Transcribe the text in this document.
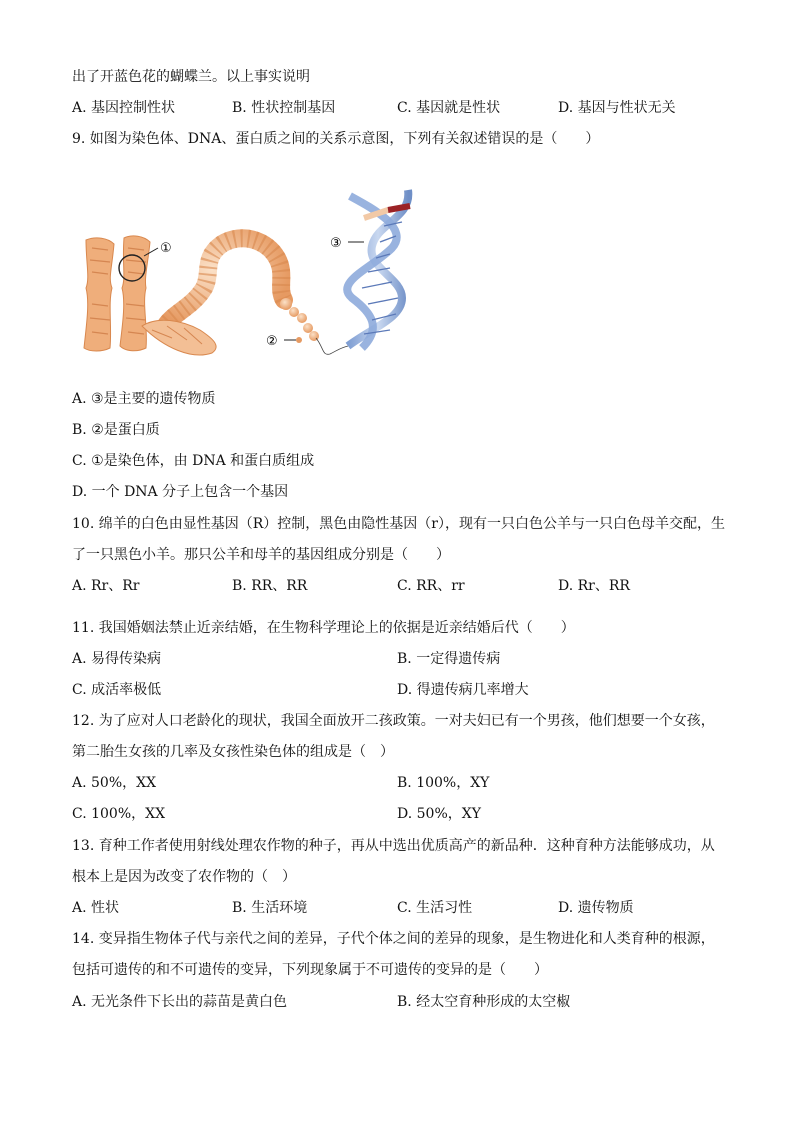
出了开蓝色花的蝴蝶兰。以上事实说明
A. 基因控制性状	B. 性状控制基因	C. 基因就是性状	D. 基因与性状无关
9. 如图为染色体、DNA、蛋白质之间的关系示意图，下列有关叙述错误的是（　　）
①
②
③
A. ③是主要的遗传物质
B. ②是蛋白质
C. ①是染色体，由 DNA 和蛋白质组成
D. 一个 DNA 分子上包含一个基因
10. 绵羊的白色由显性基因（R）控制，黑色由隐性基因（r），现有一只白色公羊与一只白色母羊交配，生
了一只黑色小羊。那只公羊和母羊的基因组成分别是（　　）
A. Rr、Rr	B. RR、RR	C. RR、rr	D. Rr、RR
11. 我国婚姻法禁止近亲结婚，在生物科学理论上的依据是近亲结婚后代（　　）
A. 易得传染病	B. 一定得遗传病
C. 成活率极低	D. 得遗传病几率增大
12. 为了应对人口老龄化的现状，我国全面放开二孩政策。一对夫妇已有一个男孩，他们想要一个女孩，
第二胎生女孩的几率及女孩性染色体的组成是（　）
A. 50%，XX	B. 100%，XY
C. 100%，XX	D. 50%，XY
13. 育种工作者使用射线处理农作物的种子，再从中选出优质高产的新品种．这种育种方法能够成功，从
根本上是因为改变了农作物的（　）
A. 性状	B. 生活环境	C. 生活习性	D. 遗传物质
14. 变异指生物体子代与亲代之间的差异，子代个体之间的差异的现象，是生物进化和人类育种的根源，
包括可遗传的和不可遗传的变异，下列现象属于不可遗传的变异的是（　　）
A. 无光条件下长出的蒜苗是黄白色	B. 经太空育种形成的太空椒
